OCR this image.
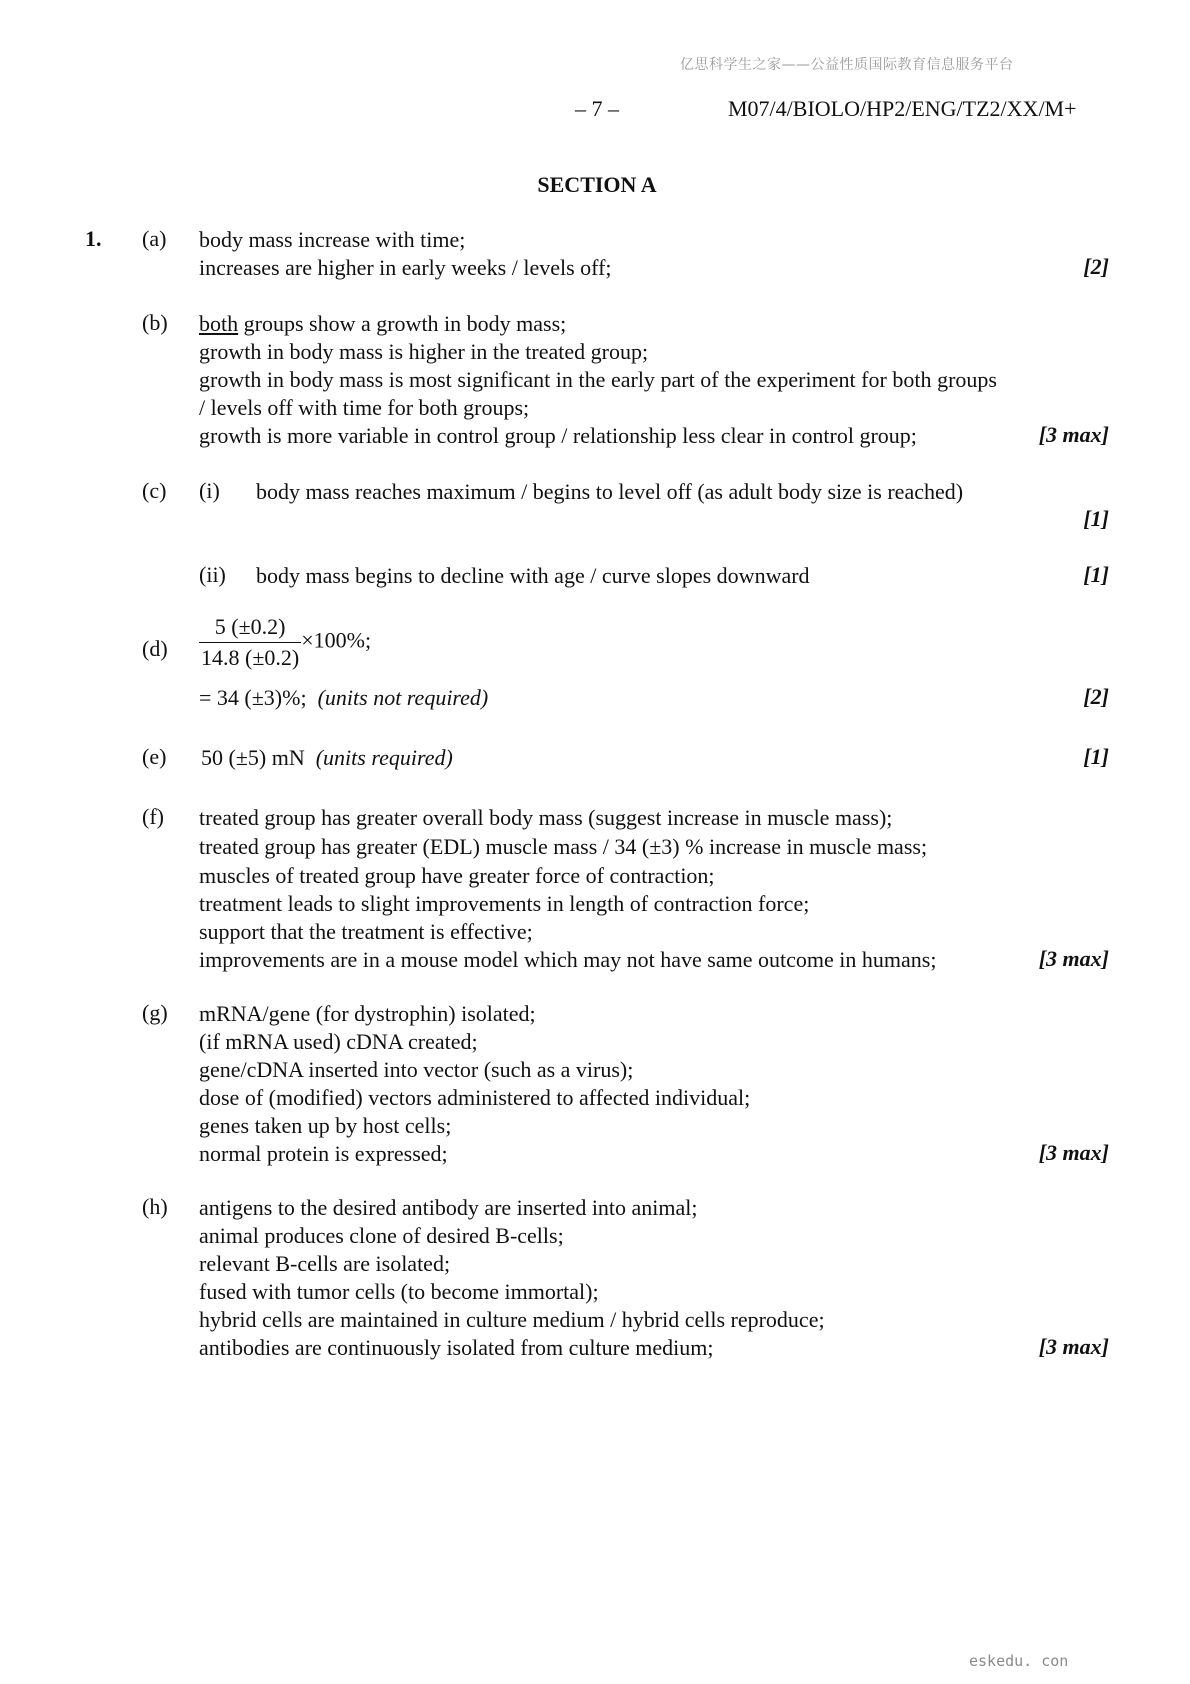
亿思科学生之家——公益性质国际教育信息服务平台
– 7 –	M07/4/BIOLO/HP2/ENG/TZ2/XX/M+
SECTION A
1. (a) body mass increase with time;
increases are higher in early weeks / levels off;	[2]
(b) both groups show a growth in body mass;
growth in body mass is higher in the treated group;
growth in body mass is most significant in the early part of the experiment for both groups / levels off with time for both groups;
growth is more variable in control group / relationship less clear in control group;	[3 max]
(c) (i) body mass reaches maximum / begins to level off (as adult body size is reached)
[1]
(ii) body mass begins to decline with age / curve slopes downward	[1]
$(d) \frac{5 (\pm 0.2)}{14.8 (\pm 0.2)} \times 100\%$;
= 34 (±3)%; (units not required)	[2]
(e) 50 (±5) mN (units required)	[1]
(f) treated group has greater overall body mass (suggest increase in muscle mass);
treated group has greater (EDL) muscle mass / 34 (±3) % increase in muscle mass;
muscles of treated group have greater force of contraction;
treatment leads to slight improvements in length of contraction force;
support that the treatment is effective;
improvements are in a mouse model which may not have same outcome in humans;	[3 max]
(g) mRNA/gene (for dystrophin) isolated;
(if mRNA used) cDNA created;
gene/cDNA inserted into vector (such as a virus);
dose of (modified) vectors administered to affected individual;
genes taken up by host cells;
normal protein is expressed;	[3 max]
(h) antigens to the desired antibody are inserted into animal;
animal produces clone of desired B-cells;
relevant B-cells are isolated;
fused with tumor cells (to become immortal);
hybrid cells are maintained in culture medium / hybrid cells reproduce;
antibodies are continuously isolated from culture medium;	[3 max]
eskedu. con
